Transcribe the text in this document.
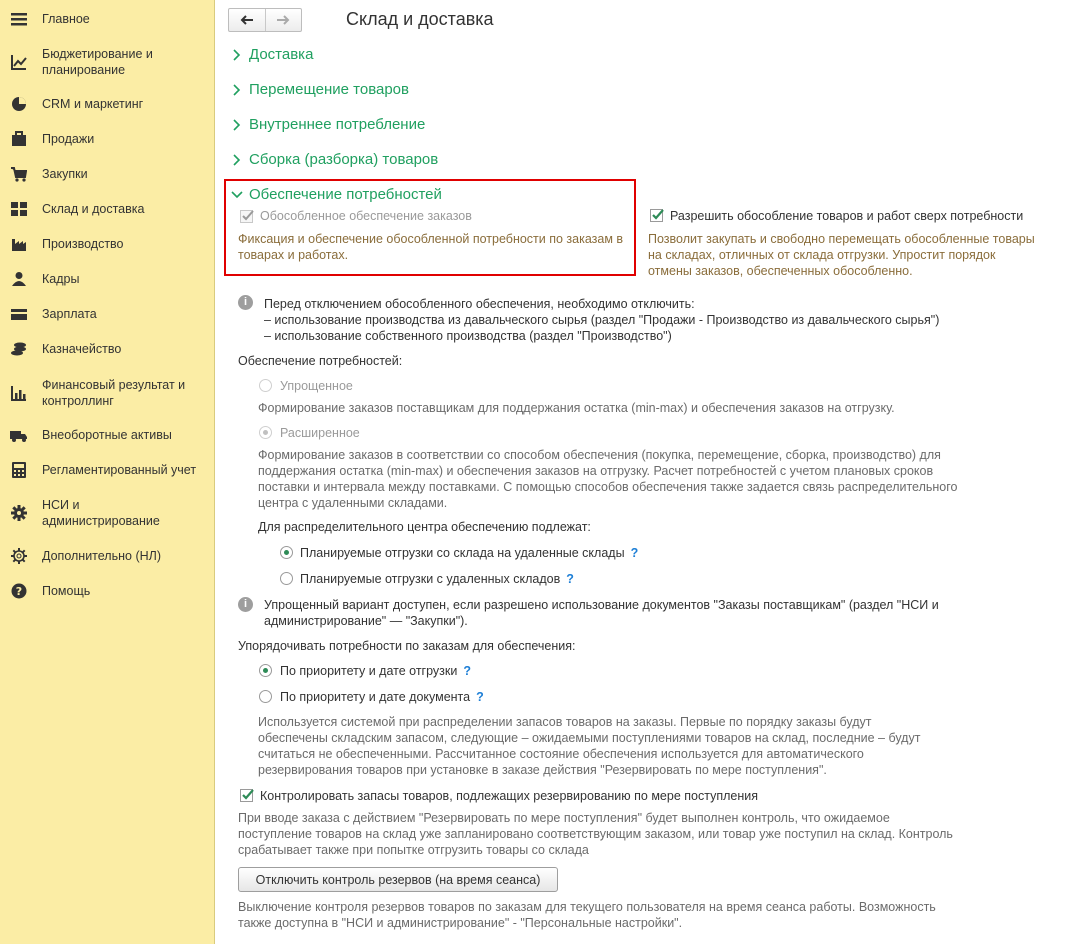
Главное
Бюджетирование и планирование
CRM и маркетинг
Продажи
Закупки
Склад и доставка
Производство
Кадры
Зарплата
Казначейство
Финансовый результат и контроллинг
Внеоборотные активы
Регламентированный учет
НСИ и администрирование
Дополнительно (НЛ)
? Помощь
Склад и доставка
Доставка
Перемещение товаров
Внутреннее потребление
Сборка (разборка) товаров
Обеспечение потребностей
Обособленное обеспечение заказов
Фиксация и обеспечение обособленной потребности по заказам в
товарах и работах.
Разрешить обособление товаров и работ сверх потребности
Позволит закупать и свободно перемещать обособленные товары
на складах, отличных от склада отгрузки. Упростит порядок
отмены заказов, обеспеченных обособленно.
i	Перед отключением обособленного обеспечения, необходимо отключить:
– использование производства из давальческого сырья (раздел "Продажи - Производство из давальческого сырья")
– использование собственного производства (раздел "Производство")
Обеспечение потребностей:
Упрощенное
Формирование заказов поставщикам для поддержания остатка (min-max) и обеспечения заказов на отгрузку.
Расширенное
Формирование заказов в соответствии со способом обеспечения (покупка, перемещение, сборка, производство) для
поддержания остатка (min-max) и обеспечения заказов на отгрузку. Расчет потребностей с учетом плановых сроков
поставки и интервала между поставками. С помощью способов обеспечения также задается связь распределительного
центра с удаленными складами.
Для распределительного центра обеспечению подлежат:
Планируемые отгрузки со склада на удаленные склады ?
Планируемые отгрузки с удаленных складов ?
i	Упрощенный вариант доступен, если разрешено использование документов "Заказы поставщикам" (раздел "НСИ и
администрирование" — "Закупки").
Упорядочивать потребности по заказам для обеспечения:
По приоритету и дате отгрузки ?
По приоритету и дате документа ?
Используется системой при распределении запасов товаров на заказы. Первые по порядку заказы будут
обеспечены складским запасом, следующие – ожидаемыми поступлениями товаров на склад, последние – будут
считаться не обеспеченными. Рассчитанное состояние обеспечения используется для автоматического
резервирования товаров при установке в заказе действия "Резервировать по мере поступления".
Контролировать запасы товаров, подлежащих резервированию по мере поступления
При вводе заказа с действием "Резервировать по мере поступления" будет выполнен контроль, что ожидаемое
поступление товаров на склад уже запланировано соответствующим заказом, или товар уже поступил на склад. Контроль
срабатывает также при попытке отгрузить товары со склада
Отключить контроль резервов (на время сеанса)
Выключение контроля резервов товаров по заказам для текущего пользователя на время сеанса работы. Возможность
также доступна в "НСИ и администрирование" - "Персональные настройки".
